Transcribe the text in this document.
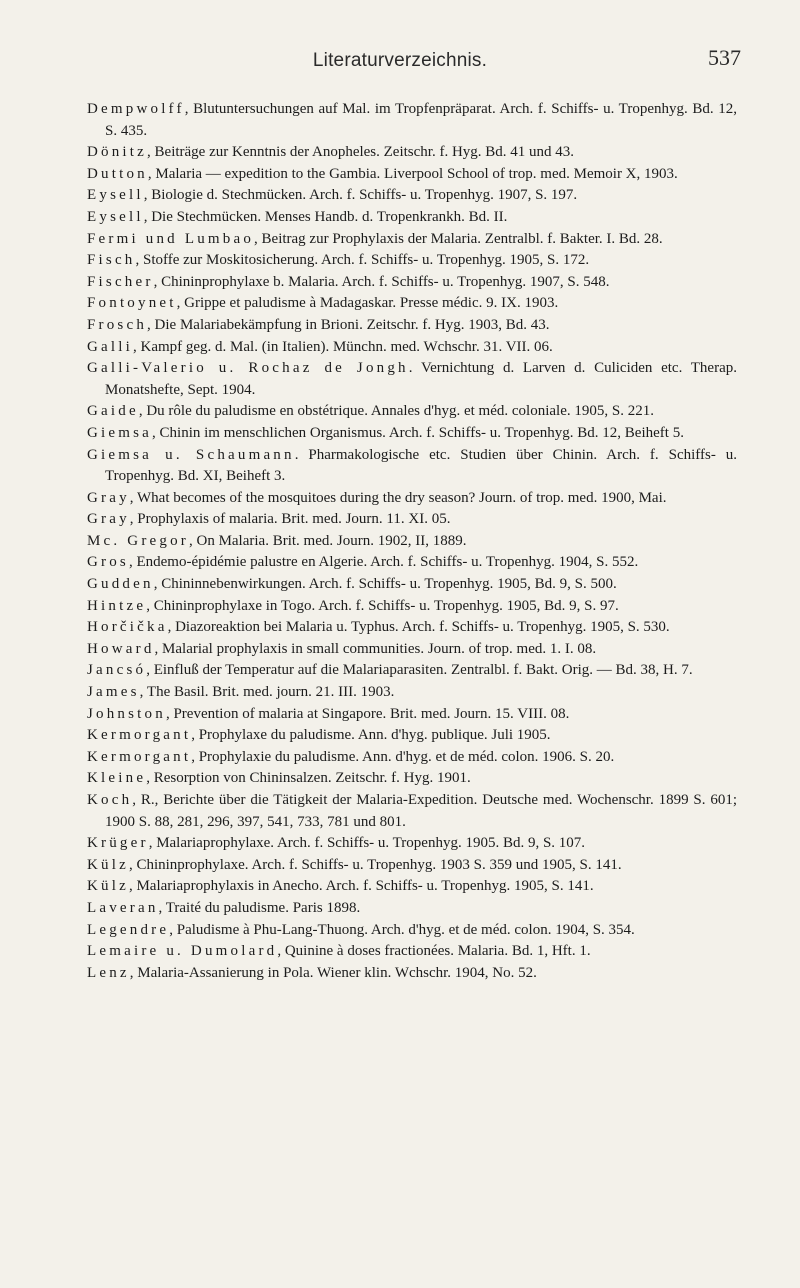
Literaturverzeichnis.	537
Dempwolff, Blutuntersuchungen auf Mal. im Tropfenpräparat. Arch. f. Schiffs- u. Tropenhyg. Bd. 12, S. 435.
Dönitz, Beiträge zur Kenntnis der Anopheles. Zeitschr. f. Hyg. Bd. 41 und 43.
Dutton, Malaria — expedition to the Gambia. Liverpool School of trop. med. Memoir X, 1903.
Eysell, Biologie d. Stechmücken. Arch. f. Schiffs- u. Tropenhyg. 1907, S. 197.
Eysell, Die Stechmücken. Menses Handb. d. Tropenkrankh. Bd. II.
Fermi und Lumbao, Beitrag zur Prophylaxis der Malaria. Zentralbl. f. Bakter. I. Bd. 28.
Fisch, Stoffe zur Moskitosicherung. Arch. f. Schiffs- u. Tropenhyg. 1905, S. 172.
Fischer, Chininprophylaxe b. Malaria. Arch. f. Schiffs- u. Tropenhyg. 1907, S. 548.
Fontoynet, Grippe et paludisme à Madagaskar. Presse médic. 9. IX. 1903.
Frosch, Die Malariabekämpfung in Brioni. Zeitschr. f. Hyg. 1903, Bd. 43.
Galli, Kampf geg. d. Mal. (in Italien). Münchn. med. Wchschr. 31. VII. 06.
Galli-Valerio u. Rochaz de Jongh. Vernichtung d. Larven d. Culiciden etc. Therap. Monatshefte, Sept. 1904.
Gaide, Du rôle du paludisme en obstétrique. Annales d'hyg. et méd. coloniale. 1905, S. 221.
Giemsa, Chinin im menschlichen Organismus. Arch. f. Schiffs- u. Tropenhyg. Bd. 12, Beiheft 5.
Giemsa u. Schaumann. Pharmakologische etc. Studien über Chinin. Arch. f. Schiffs- u. Tropenhyg. Bd. XI, Beiheft 3.
Gray, What becomes of the mosquitoes during the dry season? Journ. of trop. med. 1900, Mai.
Gray, Prophylaxis of malaria. Brit. med. Journ. 11. XI. 05.
Mc. Gregor, On Malaria. Brit. med. Journ. 1902, II, 1889.
Gros, Endemo-épidémie palustre en Algerie. Arch. f. Schiffs- u. Tropenhyg. 1904, S. 552.
Gudden, Chininnebenwirkungen. Arch. f. Schiffs- u. Tropenhyg. 1905, Bd. 9, S. 500.
Hintze, Chininprophylaxe in Togo. Arch. f. Schiffs- u. Tropenhyg. 1905, Bd. 9, S. 97.
Horčička, Diazoreaktion bei Malaria u. Typhus. Arch. f. Schiffs- u. Tropenhyg. 1905, S. 530.
Howard, Malarial prophylaxis in small communities. Journ. of trop. med. 1. I. 08.
Jancsó, Einfluß der Temperatur auf die Malariaparasiten. Zentralbl. f. Bakt. Orig. — Bd. 38, H. 7.
James, The Basil. Brit. med. journ. 21. III. 1903.
Johnston, Prevention of malaria at Singapore. Brit. med. Journ. 15. VIII. 08.
Kermorgant, Prophylaxe du paludisme. Ann. d'hyg. publique. Juli 1905.
Kermorgant, Prophylaxie du paludisme. Ann. d'hyg. et de méd. colon. 1906. S. 20.
Kleine, Resorption von Chininsalzen. Zeitschr. f. Hyg. 1901.
Koch, R., Berichte über die Tätigkeit der Malaria-Expedition. Deutsche med. Wochenschr. 1899 S. 601; 1900 S. 88, 281, 296, 397, 541, 733, 781 und 801.
Krüger, Malariaprophylaxe. Arch. f. Schiffs- u. Tropenhyg. 1905. Bd. 9, S. 107.
Külz, Chininprophylaxe. Arch. f. Schiffs- u. Tropenhyg. 1903 S. 359 und 1905, S. 141.
Külz, Malariaprophylaxis in Anecho. Arch. f. Schiffs- u. Tropenhyg. 1905, S. 141.
Laveran, Traité du paludisme. Paris 1898.
Legendre, Paludisme à Phu-Lang-Thuong. Arch. d'hyg. et de méd. colon. 1904, S. 354.
Lemaire u. Dumolard, Quinine à doses fractionées. Malaria. Bd. 1, Hft. 1.
Lenz, Malaria-Assanierung in Pola. Wiener klin. Wchschr. 1904, No. 52.
